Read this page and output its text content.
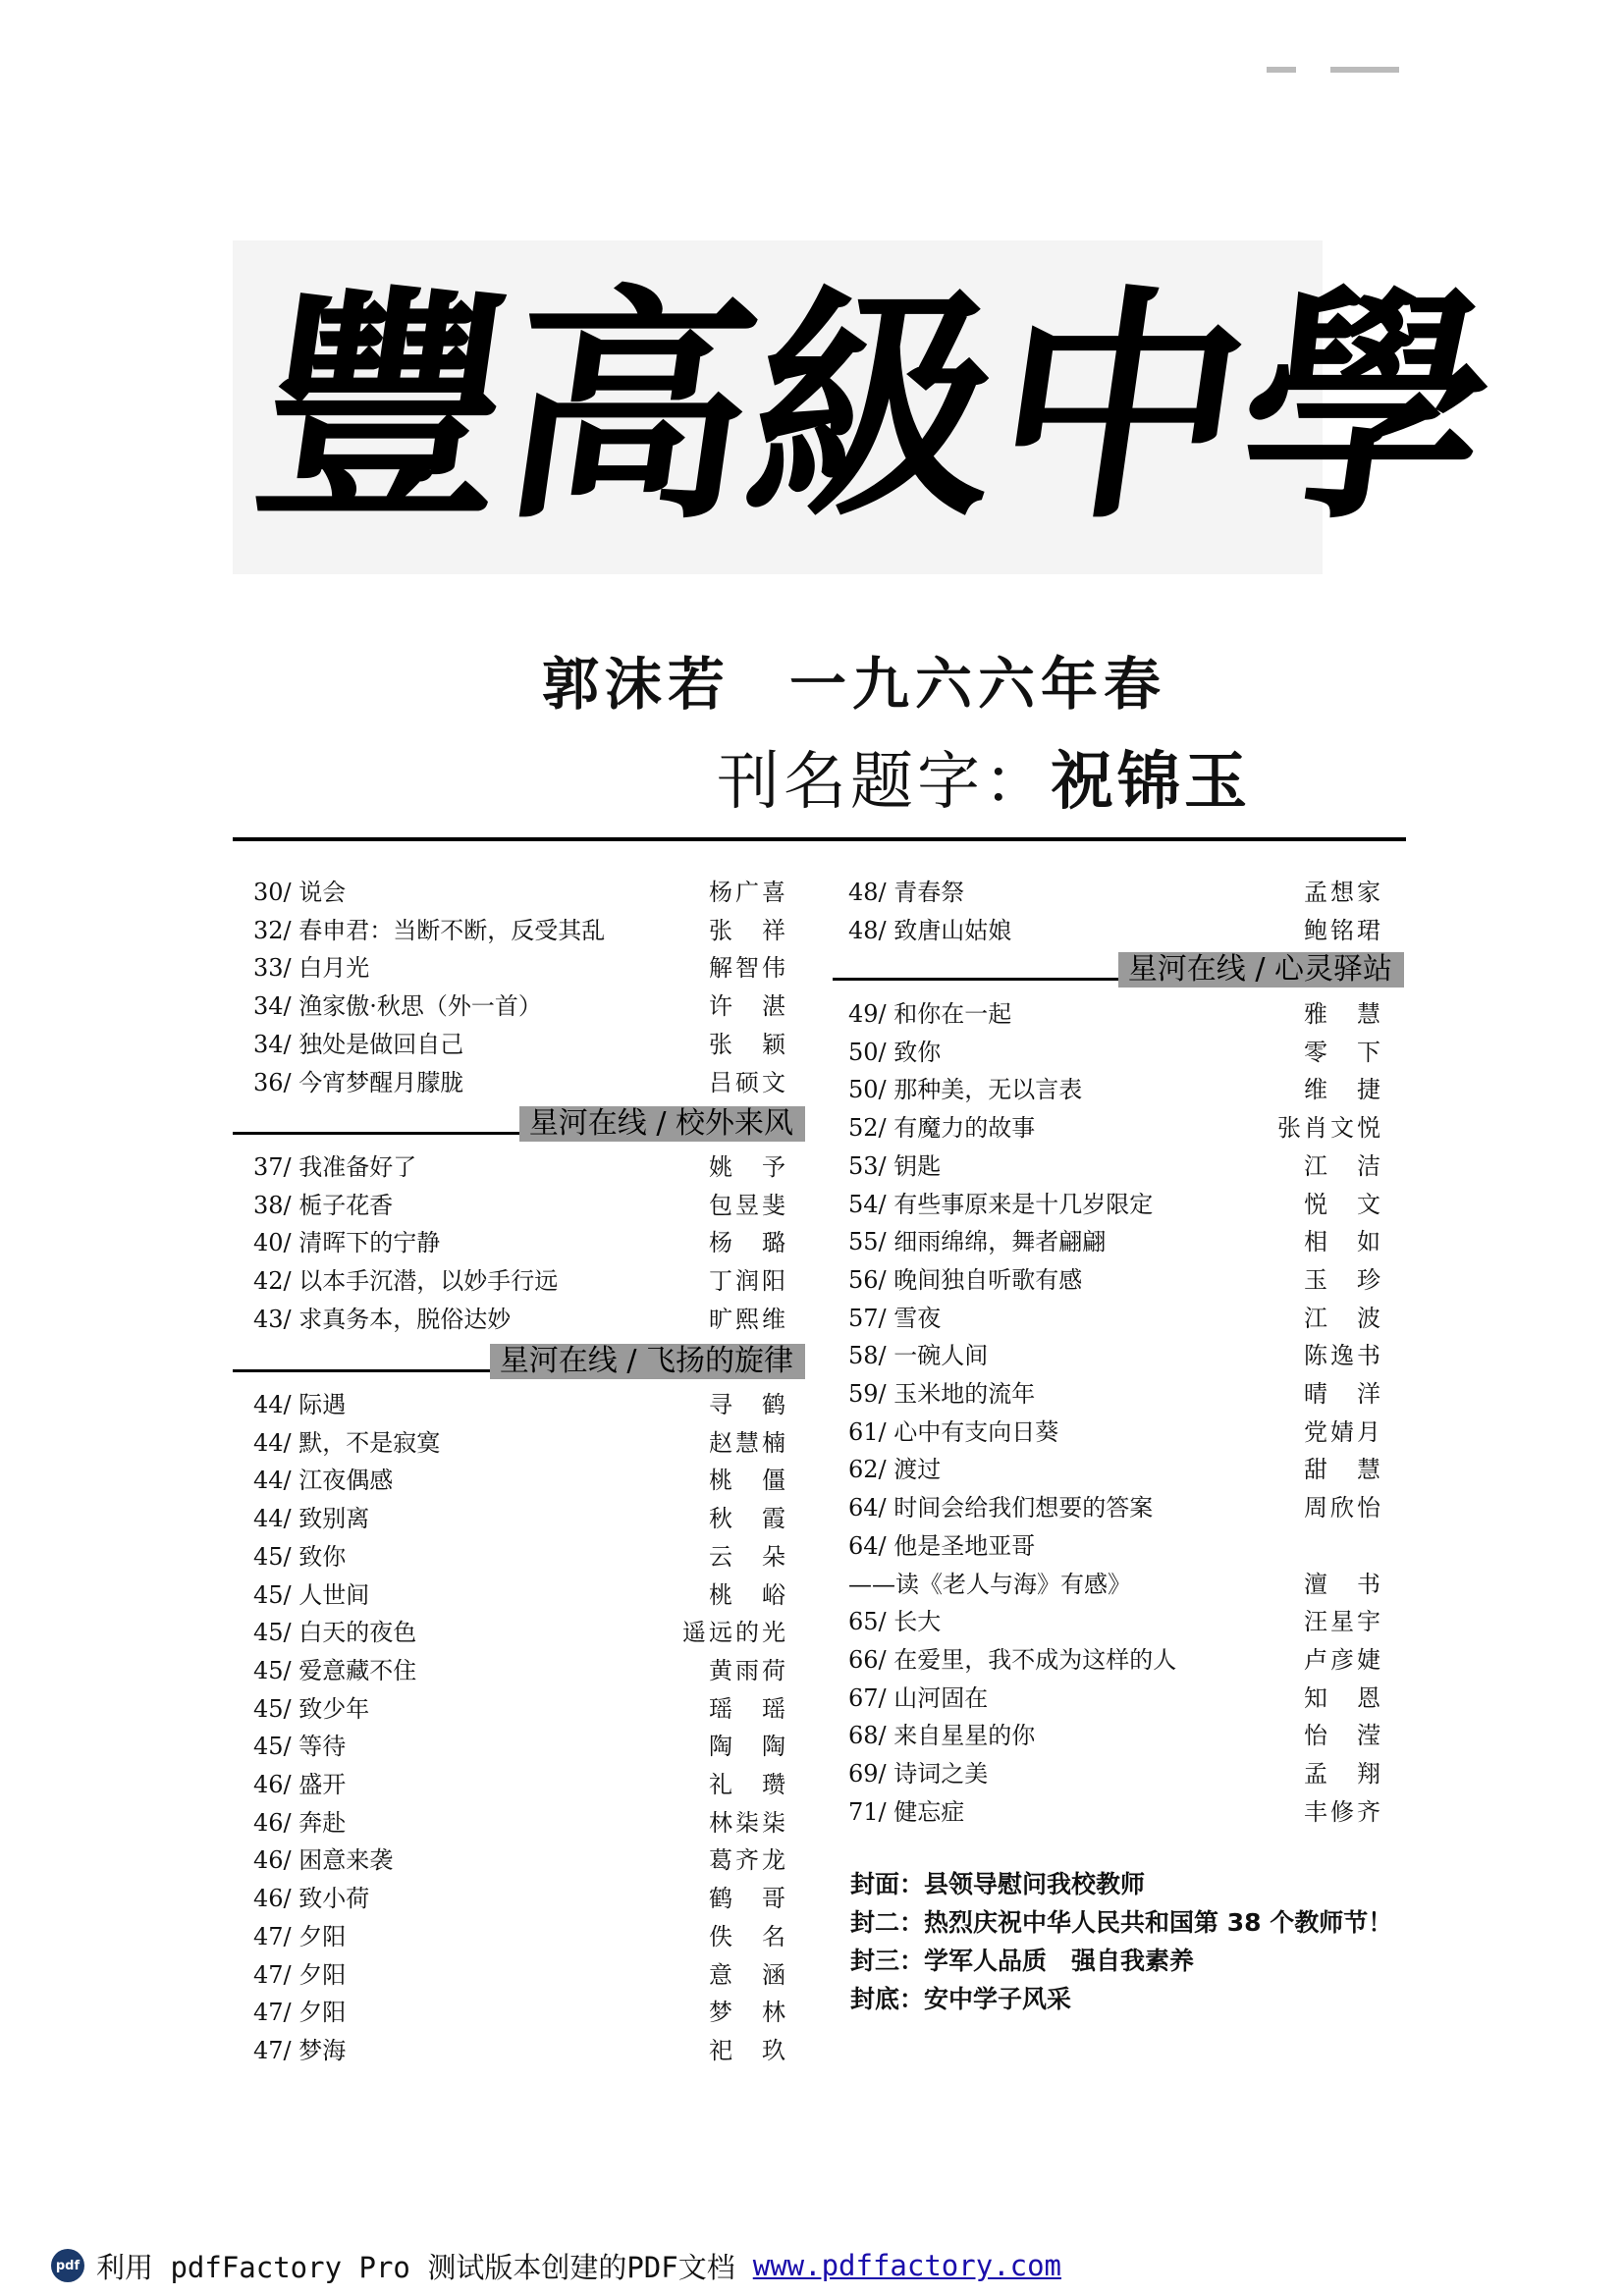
豐
高
級
中
學
郭沫若 一九六六年春
刊名题字：祝锦玉
30/ 说会	杨广喜
32/ 春申君：当断不断，反受其乱	张　祥
33/ 白月光	解智伟
34/ 渔家傲·秋思（外一首）	许　湛
34/ 独处是做回自己	张　颖
36/ 今宵梦醒月朦胧	吕硕文
37/ 我准备好了	姚　予
38/ 栀子花香	包昱斐
40/ 清晖下的宁静	杨　璐
42/ 以本手沉潜，以妙手行远	丁润阳
43/ 求真务本，脱俗达妙	旷熙维
44/ 际遇	寻　鹤
44/ 默，不是寂寞	赵慧楠
44/ 江夜偶感	桃　僵
44/ 致别离	秋　霞
45/ 致你	云　朵
45/ 人世间	桃　峪
45/ 白天的夜色	遥远的光
45/ 爱意藏不住	黄雨荷
45/ 致少年	瑶　瑶
45/ 等待	陶　陶
46/ 盛开	礼　瓒
46/ 奔赴	林柒柒
46/ 困意来袭	葛齐龙
46/ 致小荷	鹤　哥
47/ 夕阳	佚　名
47/ 夕阳	意　涵
47/ 夕阳	梦　林
47/ 梦海	祀　玖
48/ 青春祭	孟想家
48/ 致唐山姑娘	鲍铭珺
49/ 和你在一起	雅　慧
50/ 致你	零　下
50/ 那种美，无以言表	维　捷
52/ 有魔力的故事	张肖文悦
53/ 钥匙	江　洁
54/ 有些事原来是十几岁限定	悦　文
55/ 细雨绵绵，舞者翩翩	相　如
56/ 晚间独自听歌有感	玉　珍
57/ 雪夜	江　波
58/ 一碗人间	陈逸书
59/ 玉米地的流年	晴　洋
61/ 心中有支向日葵	党婧月
62/ 渡过	甜　慧
64/ 时间会给我们想要的答案	周欣怡
64/ 他是圣地亚哥
——读《老人与海》有感》	澶　书
65/ 长大	汪星宇
66/ 在爱里，我不成为这样的人	卢彦婕
67/ 山河固在	知　恩
68/ 来自星星的你	怡　滢
69/ 诗词之美	孟　翔
71/ 健忘症	丰修齐
星河在线 / 校外来风
星河在线 / 飞扬的旋律
星河在线 / 心灵驿站
封面：县领导慰问我校教师
封二：热烈庆祝中华人民共和国第 38 个教师节！
封三：学军人品质　强自我素养
封底：安中学子风采
pdf 利用 pdfFactory Pro 测试版本创建的PDF文档 www.pdffactory.com
